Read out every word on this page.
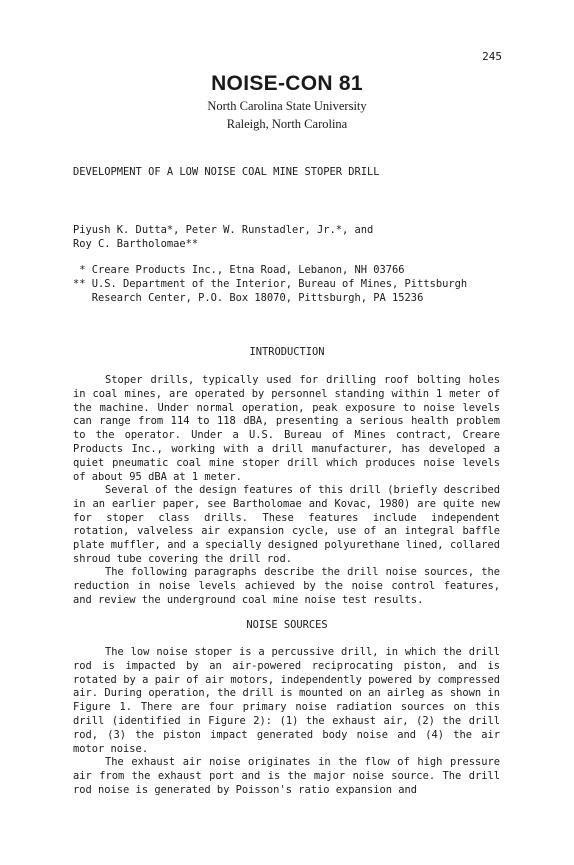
245
NOISE-CON 81
North Carolina State University
Raleigh, North Carolina
DEVELOPMENT OF A LOW NOISE COAL MINE STOPER DRILL
Piyush K. Dutta*, Peter W. Runstadler, Jr.*, and
Roy C. Bartholomae**
* Creare Products Inc., Etna Road, Lebanon, NH 03766
** U.S. Department of the Interior, Bureau of Mines, Pittsburgh
Research Center, P.O. Box 18070, Pittsburgh, PA 15236
INTRODUCTION
Stoper drills, typically used for drilling roof bolting holes in coal mines, are operated by personnel standing within 1 meter of the machine. Under normal operation, peak exposure to noise levels can range from 114 to 118 dBA, presenting a serious health problem to the operator. Under a U.S. Bureau of Mines contract, Creare Products Inc., working with a drill manufacturer, has developed a quiet pneumatic coal mine stoper drill which produces noise levels of about 95 dBA at 1 meter.
Several of the design features of this drill (briefly described in an earlier paper, see Bartholomae and Kovac, 1980) are quite new for stoper class drills. These features include independent rotation, valveless air expansion cycle, use of an integral baffle plate muffler, and a specially designed polyurethane lined, collared shroud tube covering the drill rod.
The following paragraphs describe the drill noise sources, the reduction in noise levels achieved by the noise control features, and review the underground coal mine noise test results.
NOISE SOURCES
The low noise stoper is a percussive drill, in which the drill rod is impacted by an air-powered reciprocating piston, and is rotated by a pair of air motors, independently powered by compressed air. During operation, the drill is mounted on an airleg as shown in Figure 1. There are four primary noise radiation sources on this drill (identified in Figure 2): (1) the exhaust air, (2) the drill rod, (3) the piston impact generated body noise and (4) the air motor noise.
The exhaust air noise originates in the flow of high pressure air from the exhaust port and is the major noise source. The drill rod noise is generated by Poisson's ratio expansion and
